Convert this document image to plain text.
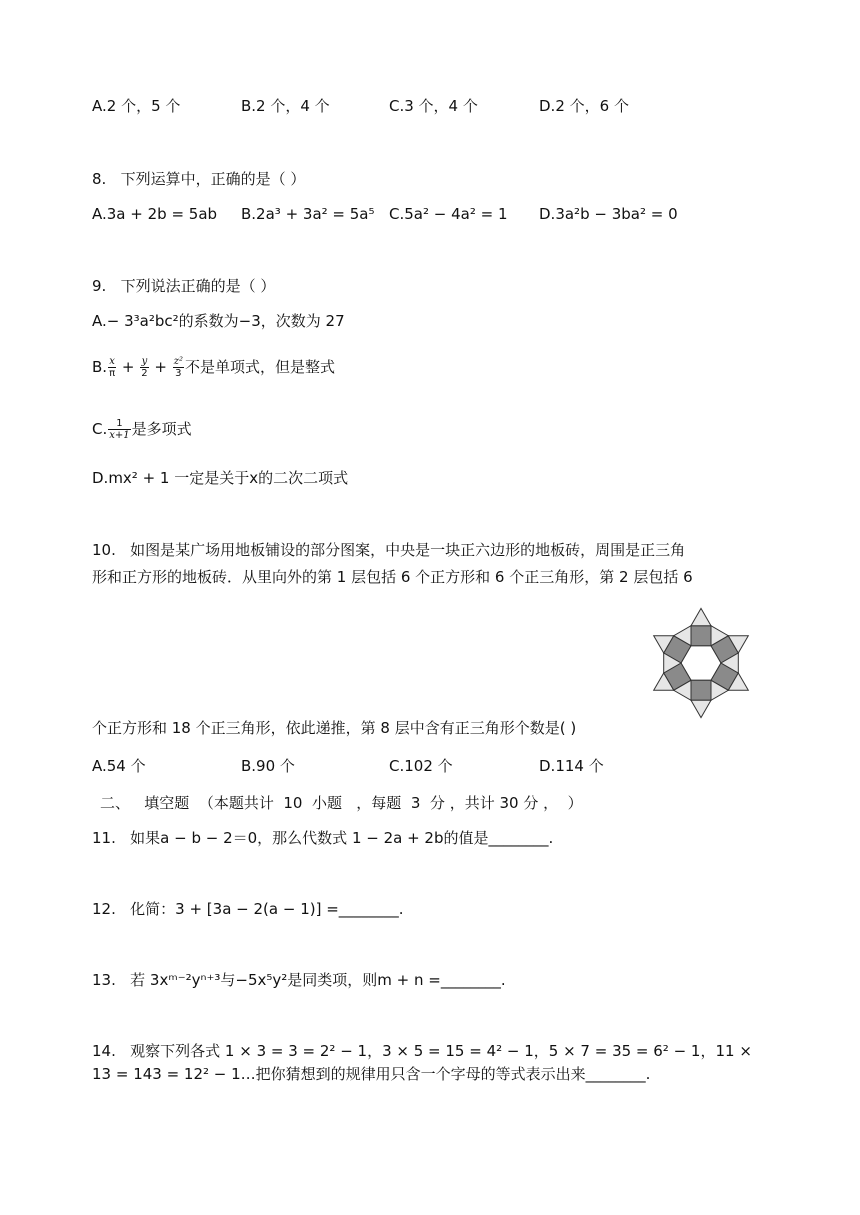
A.2 个，5 个	B.2 个，4 个	C.3 个，4 个	D.2 个，6 个
8.   下列运算中，正确的是（ ）
A.3a + 2b = 5ab B.2a³ + 3a² = 5a⁵ C.5a² − 4a² = 1 D.3a²b − 3ba² = 0
9.   下列说法正确的是（ ）
A.− 3³a²bc²的系数为−3，次数为 27
B. $\frac{x}{\pi} + \frac{y}{2} + \frac{\text{z²}}{3}$ 不是单项式，但是整式
C. $\frac{1}{x+1}$ 是多项式
D.mx² + 1 一定是关于x的二次二项式
10.   如图是某广场用地板铺设的部分图案，中央是一块正六边形的地板砖，周围是正三角
形和正方形的地板砖．从里向外的第 1 层包括 6 个正方形和 6 个正三角形，第 2 层包括 6
个正方形和 18 个正三角形，依此递推，第 8 层中含有正三角形个数是( )
A.54 个	B.90 个	C.102 个	D.114 个
二、   填空题  （本题共计  10  小题   ，每题  3  分 ，共计 30 分 ，  ）
11.   如果a − b − 2＝0，那么代数式 1 − 2a + 2b的值是________.
12.   化简：3 + [3a − 2(a − 1)] =________.
13.   若 3xᵐ⁻²yⁿ⁺³与−5x⁵y²是同类项，则m + n =________.
14.   观察下列各式 1 × 3 = 3 = 2² − 1，3 × 5 = 15 = 4² − 1，5 × 7 = 35 = 6² − 1，11 ×
13 = 143 = 12² − 1…把你猜想到的规律用只含一个字母的等式表示出来________.
